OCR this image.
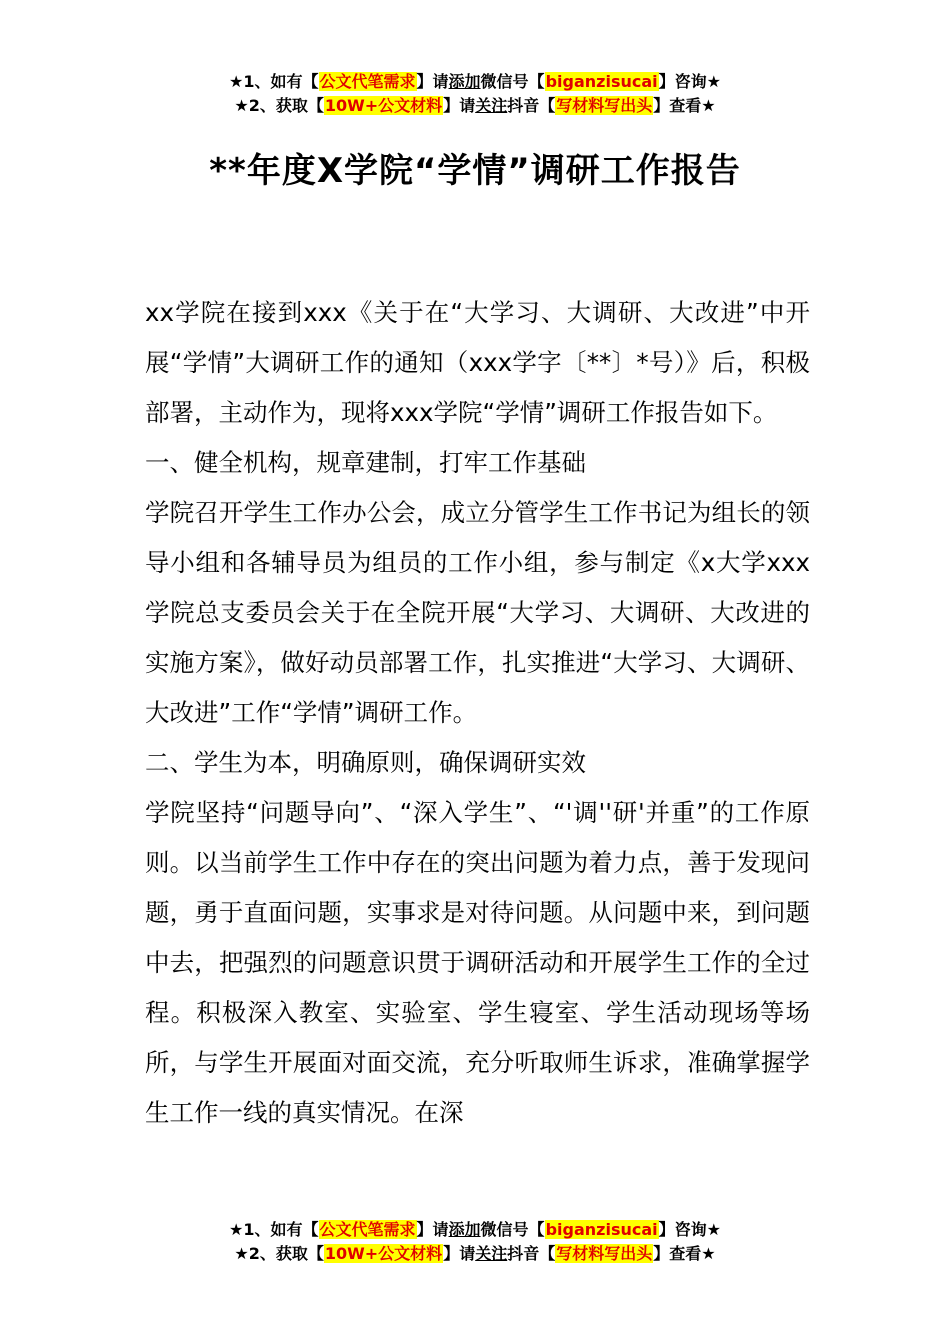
★1、如有【公文代笔需求】请添加微信号【biganzisucai】咨询★
★2、获取【10W+公文材料】请关注抖音【写材料写出头】查看★
**年度X学院“学情”调研工作报告

xx学院在接到xxx《关于在“大学习、大调研、大改进”中开展“学情”大调研工作的通知（xxx学字〔**〕*号）》后，积极部署，主动作为，现将xxx学院“学情”调研工作报告如下。

一、健全机构，规章建制，打牢工作基础

学院召开学生工作办公会，成立分管学生工作书记为组长的领导小组和各辅导员为组员的工作小组，参与制定《x大学xxx学院总支委员会关于在全院开展“大学习、大调研、大改进的实施方案》，做好动员部署工作，扎实推进“大学习、大调研、大改进”工作“学情”调研工作。

二、学生为本，明确原则，确保调研实效

学院坚持“问题导向”、“深入学生”、“'调''研'并重”的工作原则。以当前学生工作中存在的突出问题为着力点，善于发现问题，勇于直面问题，实事求是对待问题。从问题中来，到问题中去，把强烈的问题意识贯于调研活动和开展学生工作的全过程。积极深入教室、实验室、学生寝室、学生活动现场等场所，与学生开展面对面交流，充分听取师生诉求，准确掌握学生工作一线的真实情况。在深

★1、如有【公文代笔需求】请添加微信号【biganzisucai】咨询★
★2、获取【10W+公文材料】请关注抖音【写材料写出头】查看★
